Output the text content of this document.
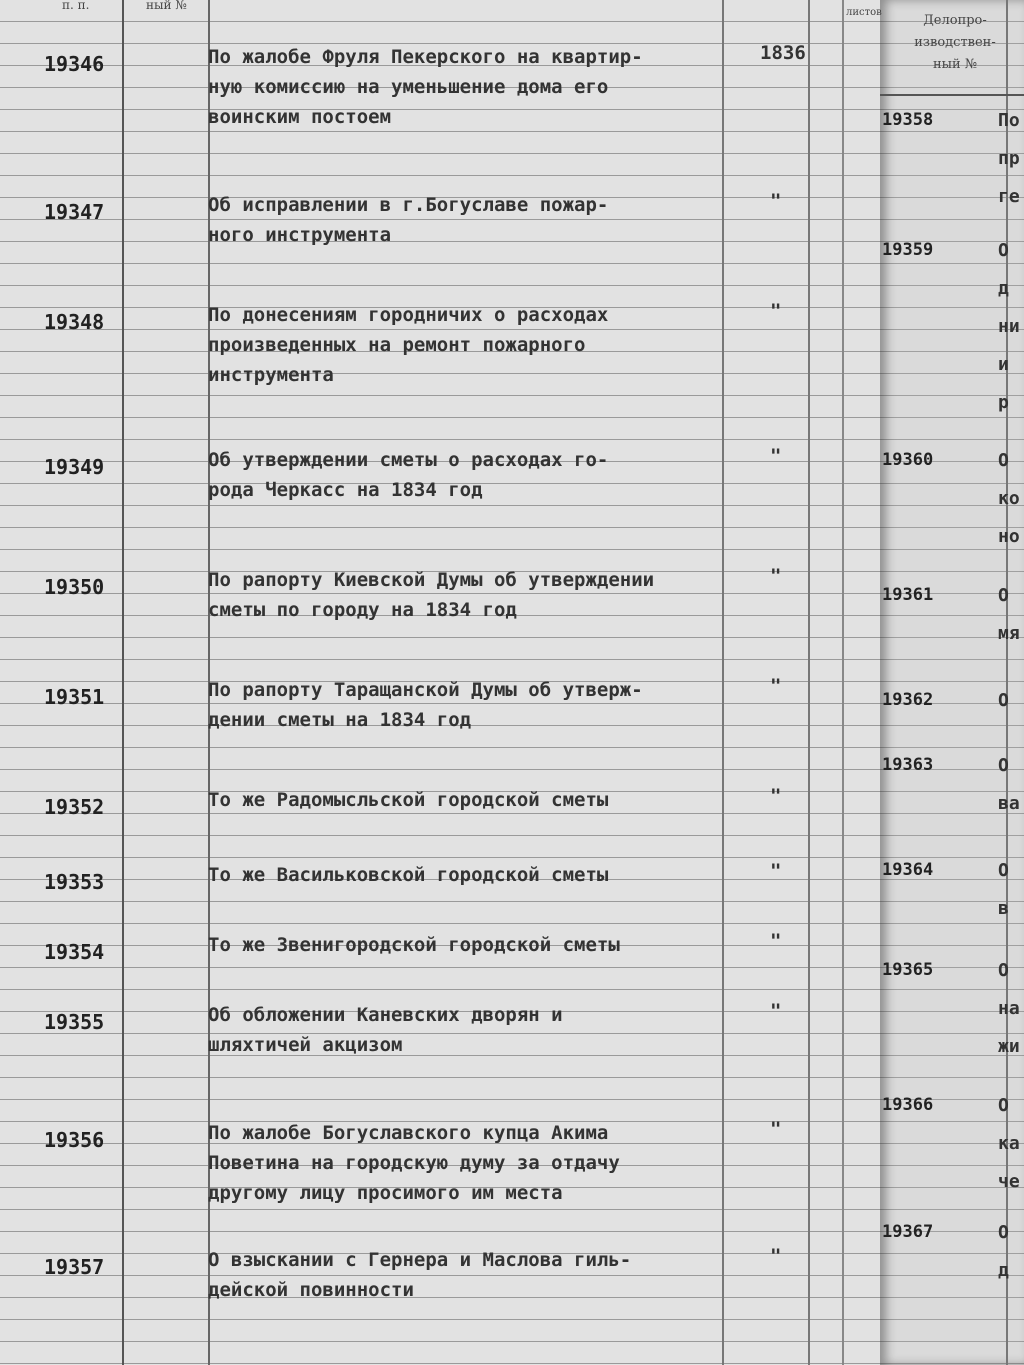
п. п.	ный №
листов
Делопро-
изводствен-
ный №
19346	По жалобе Фруля Пекерского на квартир-
ную комиссию на уменьшение дома его
воинским постоем
1836
19347	Об исправлении в г.Богуславе пожар-
ного инструмента
"
19348	По донесениям городничих о расходах
произведенных на ремонт пожарного
инструмента
"
19349	Об утверждении сметы о расходах го-
рода Черкасс на 1834 год
"
19350	По рапорту Киевской Думы об утверждении
сметы по городу на 1834 год
"
19351	По рапорту Таращанской Думы об утверж-
дении сметы на 1834 год
"
19352	То же Радомысльской городской сметы	"
19353	То же Васильковской городской сметы	"
19354	То же Звенигородской городской сметы	"
19355	Об обложении Каневских дворян и
шляхтичей акцизом
"
19356	По жалобе Богуславского купца Акима
Поветина на городскую думу за отдачу
другому лицу просимого им места
"
19357	О взыскании с Гернера и Маслова гиль-
дейской повинности
"
19358	По
пр
ге
19359	О д
ни
и р
19360	О
ко
но
19361	О
мя
19362	О
19363	О
ва
19364	О
в
19365	О
на
жи
19366	О
ка
че
19367	О д
